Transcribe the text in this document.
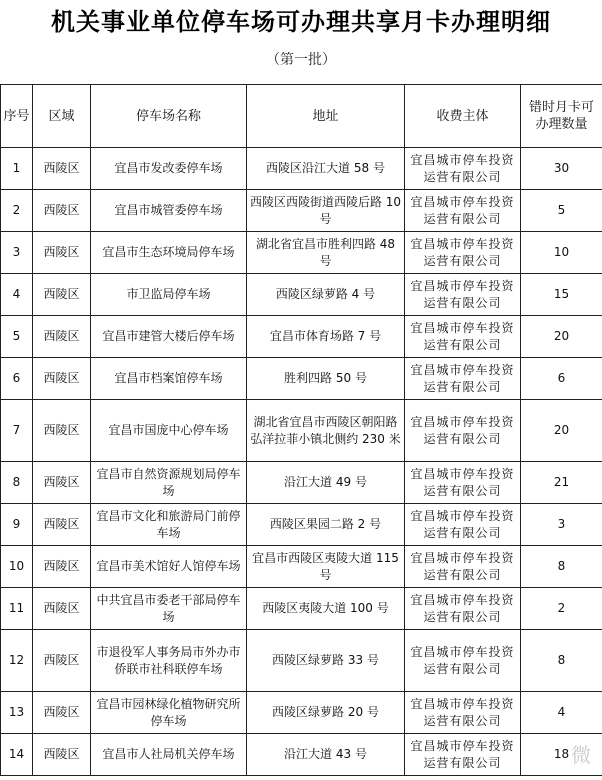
机关事业单位停车场可办理共享月卡办理明细
（第一批）
序号	区域	停车场名称	地址	收费主体	错时月卡可办理数量
1	西陵区	宜昌市发改委停车场	西陵区沿江大道 58 号	宜昌城市停车投资运营有限公司	30
2	西陵区	宜昌市城管委停车场	西陵区西陵街道西陵后路 10 号	宜昌城市停车投资运营有限公司	5
3	西陵区	宜昌市生态环境局停车场	湖北省宜昌市胜利四路 48 号	宜昌城市停车投资运营有限公司	10
4	西陵区	市卫监局停车场	西陵区绿萝路 4 号	宜昌城市停车投资运营有限公司	15
5	西陵区	宜昌市建管大楼后停车场	宜昌市体育场路 7 号	宜昌城市停车投资运营有限公司	20
6	西陵区	宜昌市档案馆停车场	胜利四路 50 号	宜昌城市停车投资运营有限公司	6
7	西陵区	宜昌市国庞中心停车场	湖北省宜昌市西陵区朝阳路弘洋拉菲小镇北侧约 230 米	宜昌城市停车投资运营有限公司	20
8	西陵区	宜昌市自然资源规划局停车场	沿江大道 49 号	宜昌城市停车投资运营有限公司	21
9	西陵区	宜昌市文化和旅游局门前停车场	西陵区果园二路 2 号	宜昌城市停车投资运营有限公司	3
10	西陵区	宜昌市美术馆好人馆停车场	宜昌市西陵区夷陵大道 115 号	宜昌城市停车投资运营有限公司	8
11	西陵区	中共宜昌市委老干部局停车场	西陵区夷陵大道 100 号	宜昌城市停车投资运营有限公司	2
12	西陵区	市退役军人事务局市外办市侨联市社科联停车场	西陵区绿萝路 33 号	宜昌城市停车投资运营有限公司	8
13	西陵区	宜昌市园林绿化植物研究所停车场	西陵区绿萝路 20 号	宜昌城市停车投资运营有限公司	4
14	西陵区	宜昌市人社局机关停车场	沿江大道 43 号	宜昌城市停车投资运营有限公司	18 微
